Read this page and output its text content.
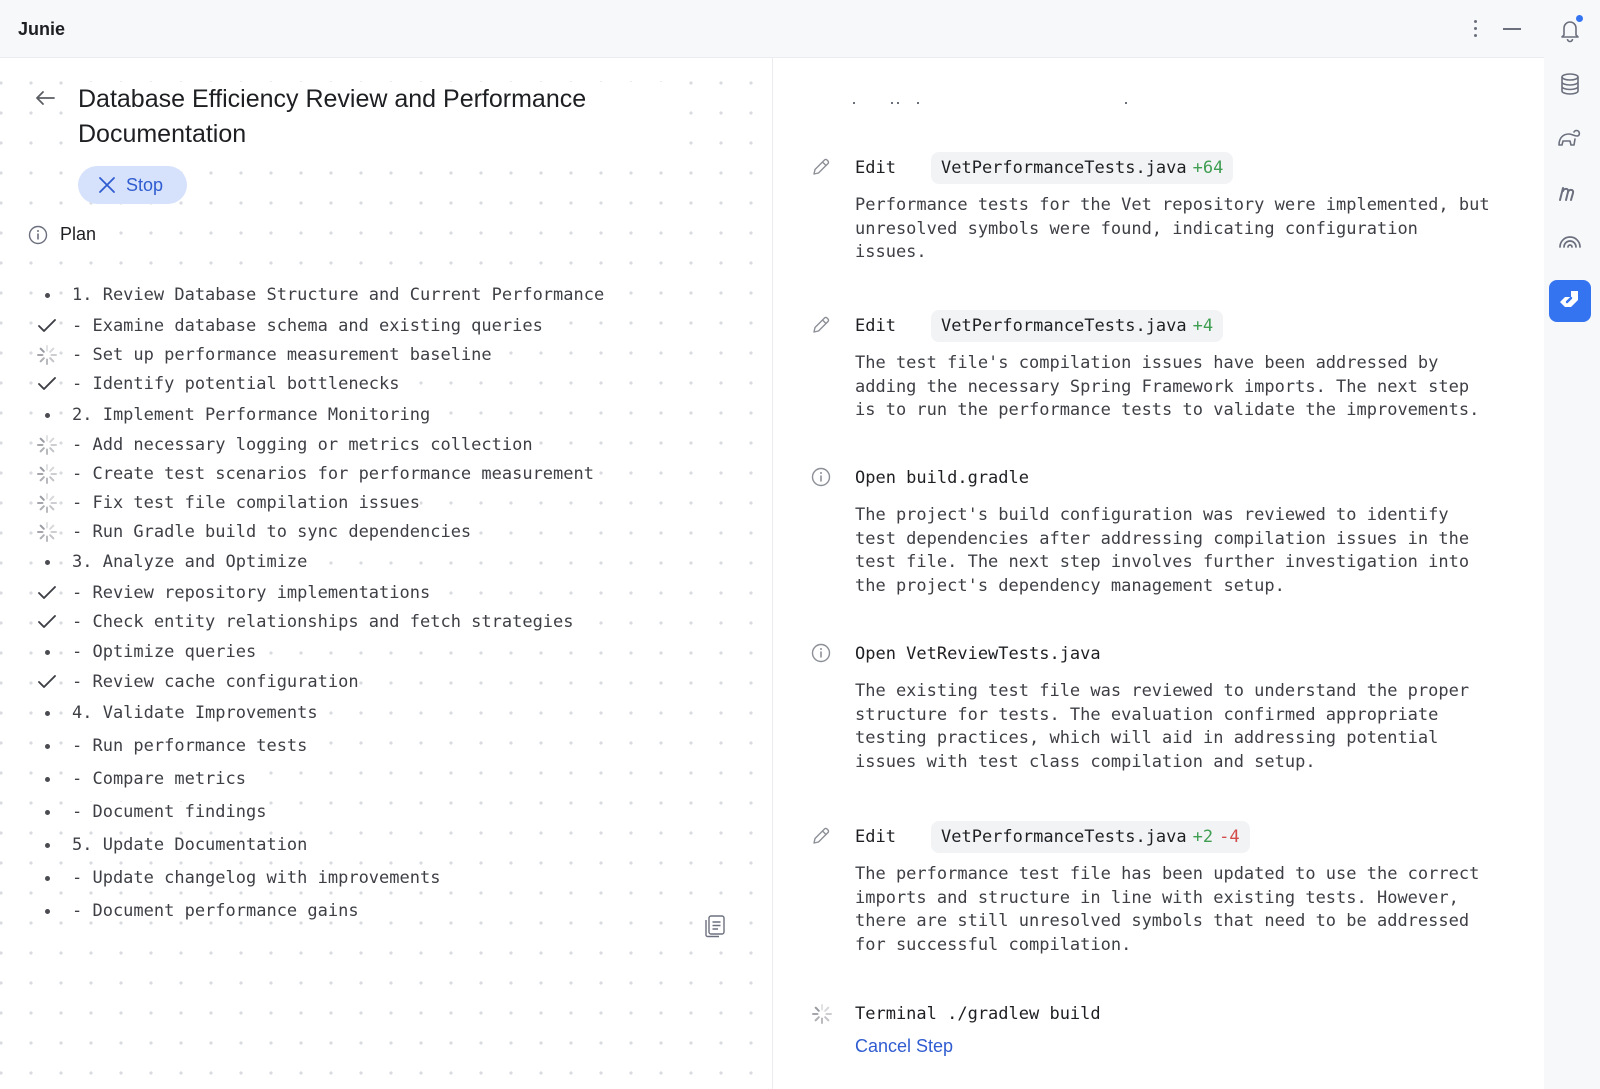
Junie
Database Efficiency Review and Performance Documentation
Stop
Plan
1. Review Database Structure and Current Performance
- Examine database schema and existing queries
- Set up performance measurement baseline
- Identify potential bottlenecks
2. Implement Performance Monitoring
- Add necessary logging or metrics collection
- Create test scenarios for performance measurement
- Fix test file compilation issues
- Run Gradle build to sync dependencies
3. Analyze and Optimize
- Review repository implementations
- Check entity relationships and fetch strategies
- Optimize queries
- Review cache configuration
4. Validate Improvements
- Run performance tests
- Compare metrics
- Document findings
5. Update Documentation
- Update changelog with improvements
- Document performance gains
Edit	VetPerformanceTests.java +64
Performance tests for the Vet repository were implemented, but unresolved symbols were found, indicating configuration issues.
Edit	VetPerformanceTests.java +4
The test file's compilation issues have been addressed by adding the necessary Spring Framework imports. The next step is to run the performance tests to validate the improvements.
Open build.gradle
The project's build configuration was reviewed to identify test dependencies after addressing compilation issues in the test file. The next step involves further investigation into the project's dependency management setup.
Open VetReviewTests.java
The existing test file was reviewed to understand the proper structure for tests. The evaluation confirmed appropriate testing practices, which will aid in addressing potential issues with test class compilation and setup.
Edit	VetPerformanceTests.java +2 -4
The performance test file has been updated to use the correct imports and structure in line with existing tests. However, there are still unresolved symbols that need to be addressed for successful compilation.
Terminal ./gradlew build
Cancel Step
